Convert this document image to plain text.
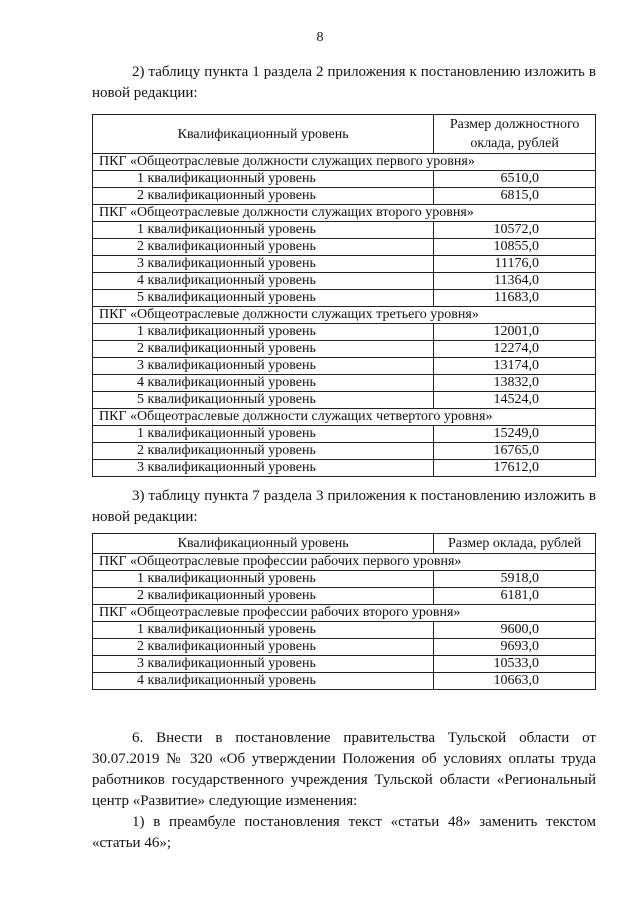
8
2) таблицу пункта 1 раздела 2 приложения к постановлению изложить в новой редакции:
Квалификационный уровень	Размер должностного оклада, рублей
ПКГ «Общеотраслевые должности служащих первого уровня»	
1 квалификационный уровень	6510,0
2 квалификационный уровень	6815,0
ПКГ «Общеотраслевые должности служащих второго уровня»	
1 квалификационный уровень	10572,0
2 квалификационный уровень	10855,0
3 квалификационный уровень	11176,0
4 квалификационный уровень	11364,0
5 квалификационный уровень	11683,0
ПКГ «Общеотраслевые должности служащих третьего уровня»	
1 квалификационный уровень	12001,0
2 квалификационный уровень	12274,0
3 квалификационный уровень	13174,0
4 квалификационный уровень	13832,0
5 квалификационный уровень	14524,0
ПКГ «Общеотраслевые должности служащих четвертого уровня»	
1 квалификационный уровень	15249,0
2 квалификационный уровень	16765,0
3 квалификационный уровень	17612,0
3) таблицу пункта 7 раздела 3 приложения к постановлению изложить в новой редакции:
Квалификационный уровень	Размер оклада, рублей
ПКГ «Общеотраслевые профессии рабочих первого уровня»	
1 квалификационный уровень	5918,0
2 квалификационный уровень	6181,0
ПКГ «Общеотраслевые профессии рабочих второго уровня»	
1 квалификационный уровень	9600,0
2 квалификационный уровень	9693,0
3 квалификационный уровень	10533,0
4 квалификационный уровень	10663,0
6. Внести в постановление правительства Тульской области от 30.07.2019 № 320 «Об утверждении Положения об условиях оплаты труда работников государственного учреждения Тульской области «Региональный центр «Развитие» следующие изменения:
1) в преамбуле постановления текст «статьи 48» заменить текстом «статьи 46»;
